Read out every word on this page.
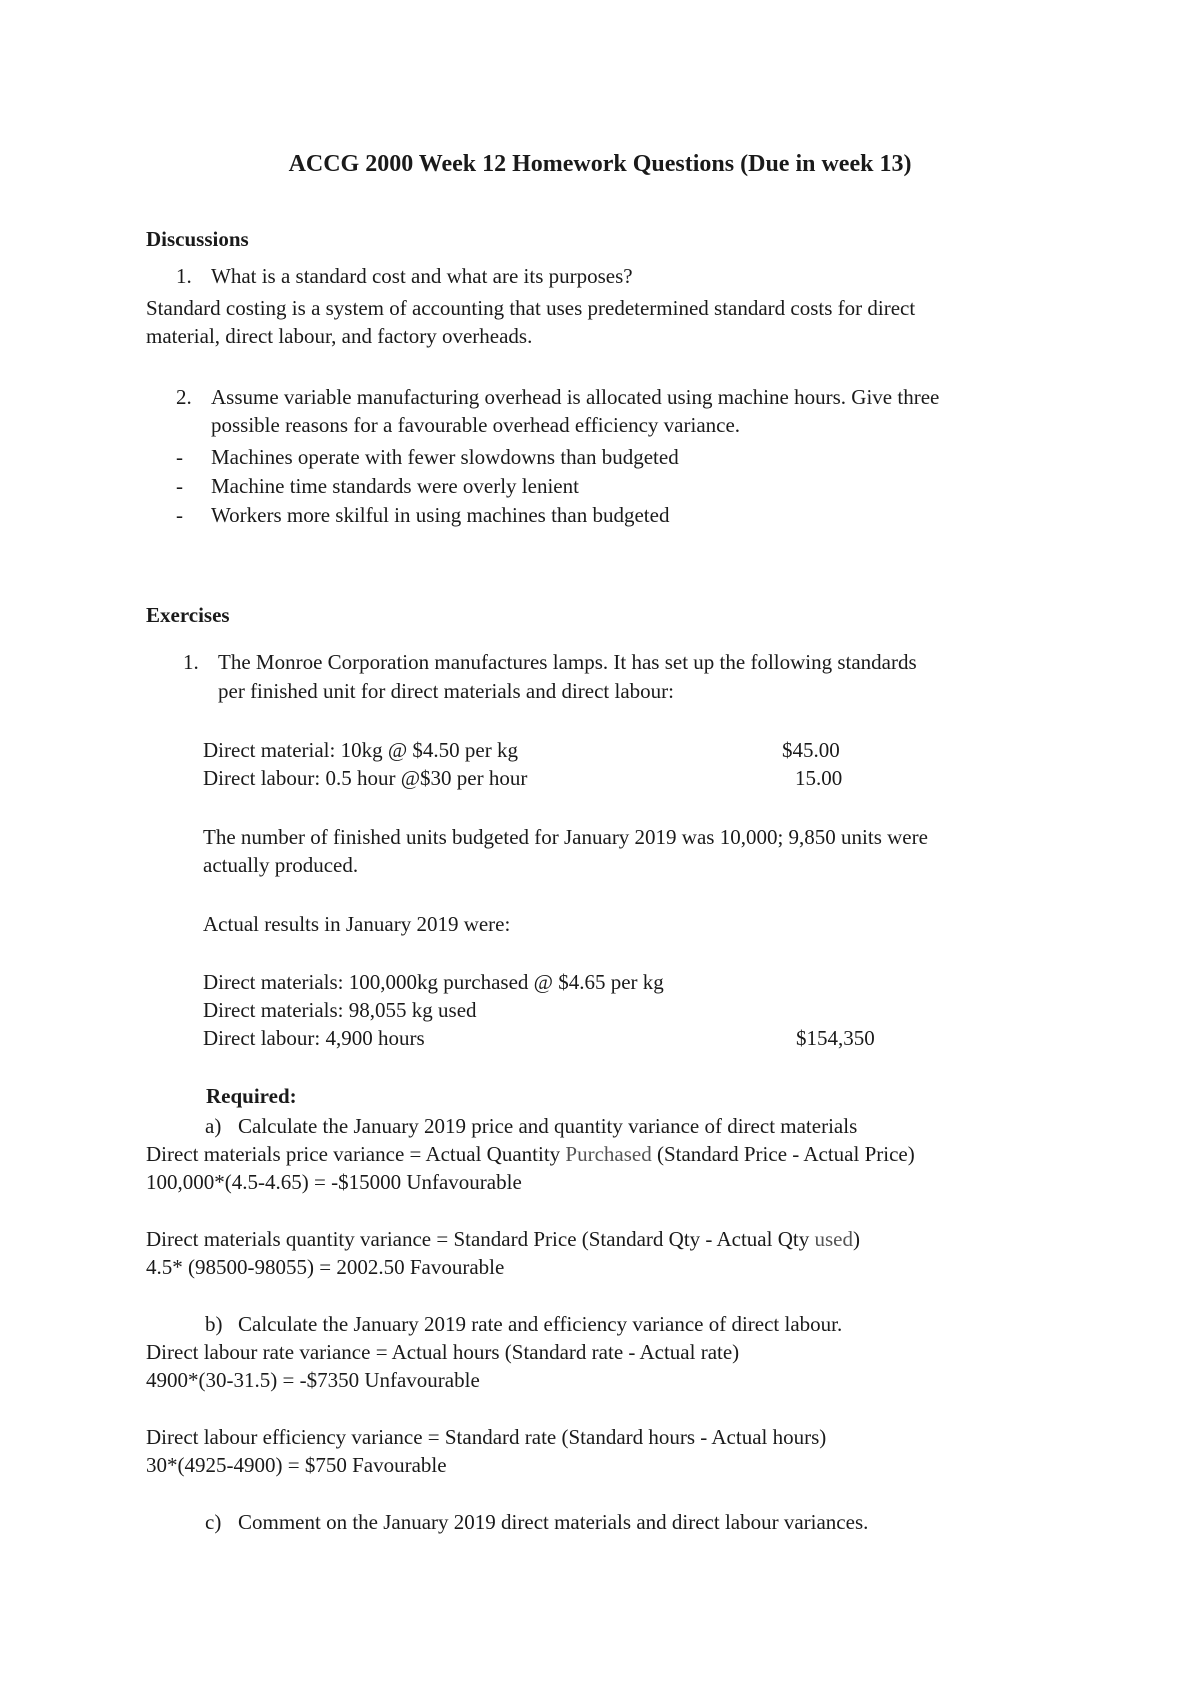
ACCG 2000 Week 12 Homework Questions (Due in week 13)
Discussions
1. What is a standard cost and what are its purposes?
Standard costing is a system of accounting that uses predetermined standard costs for direct
material, direct labour, and factory overheads.
2. Assume variable manufacturing overhead is allocated using machine hours. Give three
possible reasons for a favourable overhead efficiency variance.
- Machines operate with fewer slowdowns than budgeted
- Machine time standards were overly lenient
- Workers more skilful in using machines than budgeted
Exercises
1. The Monroe Corporation manufactures lamps. It has set up the following standards
per finished unit for direct materials and direct labour:
Direct material: 10kg @ $4.50 per kg	$45.00
Direct labour: 0.5 hour @$30 per hour	15.00
The number of finished units budgeted for January 2019 was 10,000; 9,850 units were
actually produced.
Actual results in January 2019 were:
Direct materials: 100,000kg purchased @ $4.65 per kg
Direct materials: 98,055 kg used
Direct labour: 4,900 hours	$154,350
Required:
a) Calculate the January 2019 price and quantity variance of direct materials
Direct materials price variance = Actual Quantity Purchased (Standard Price - Actual Price)
100,000*(4.5-4.65) = -$15000 Unfavourable
Direct materials quantity variance = Standard Price (Standard Qty - Actual Qty used)
4.5* (98500-98055) = 2002.50 Favourable
b) Calculate the January 2019 rate and efficiency variance of direct labour.
Direct labour rate variance = Actual hours (Standard rate - Actual rate)
4900*(30-31.5) = -$7350 Unfavourable
Direct labour efficiency variance = Standard rate (Standard hours - Actual hours)
30*(4925-4900) = $750 Favourable
c) Comment on the January 2019 direct materials and direct labour variances.
